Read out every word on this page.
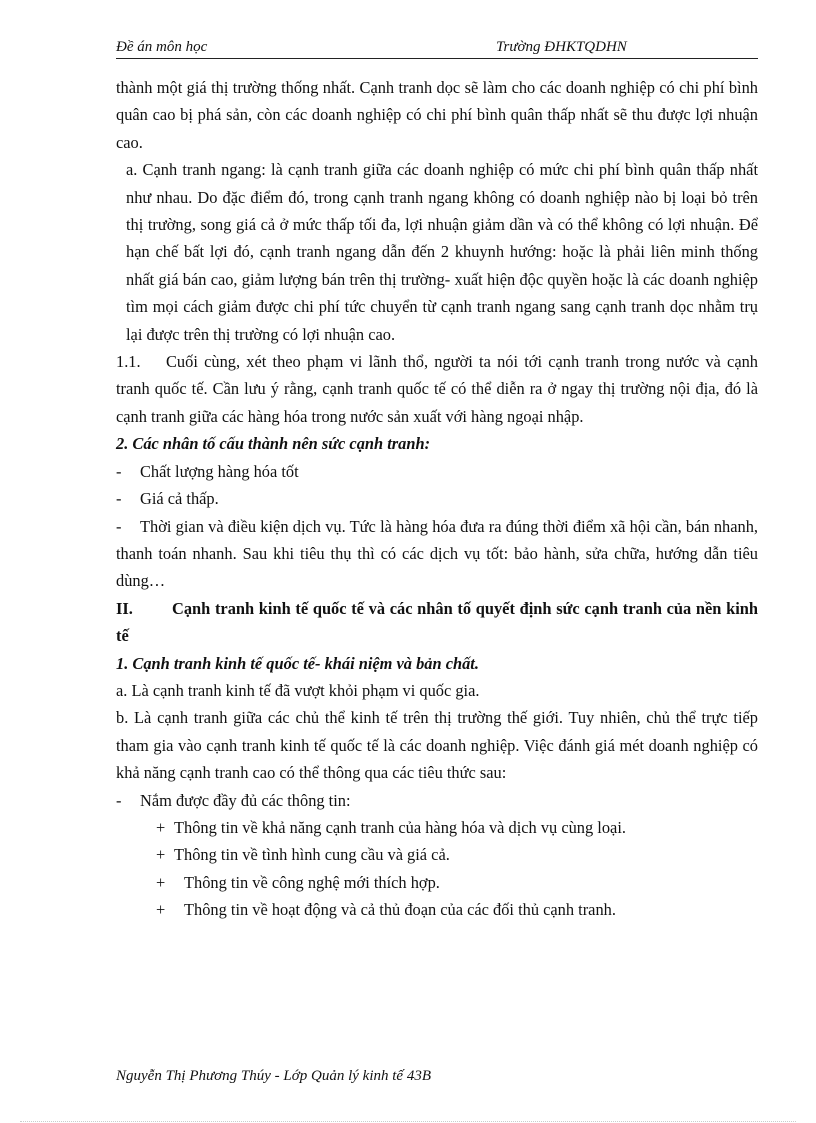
Đề án môn học	Trường ĐHKTQDHN

thành một giá thị trường thống nhất. Cạnh tranh dọc sẽ làm cho các doanh nghiệp có chi phí bình quân cao bị phá sản, còn các doanh nghiệp có chi phí bình quân thấp nhất sẽ thu được lợi nhuận cao.

a. Cạnh tranh ngang: là cạnh tranh giữa các doanh nghiệp có mức chi phí bình quân thấp nhất như nhau. Do đặc điểm đó, trong cạnh tranh ngang không có doanh nghiệp nào bị loại bỏ trên thị trường, song giá cả ở mức thấp tối đa, lợi nhuận giảm dần và có thể không có lợi nhuận. Để hạn chế bất lợi đó, cạnh tranh ngang dẫn đến 2 khuynh hướng: hoặc là phải liên minh thống nhất giá bán cao, giảm lượng bán trên thị trường- xuất hiện độc quyền hoặc là các doanh nghiệp tìm mọi cách giảm được chi phí tức chuyển từ cạnh tranh ngang sang cạnh tranh dọc nhằm trụ lại được trên thị trường có lợi nhuận cao.

1.1. Cuối cùng, xét theo phạm vi lãnh thổ, người ta nói tới cạnh tranh trong nước và cạnh tranh quốc tế. Cần lưu ý rằng, cạnh tranh quốc tế có thể diễn ra ở ngay thị trường nội địa, đó là cạnh tranh giữa các hàng hóa trong nước sản xuất với hàng ngoại nhập.

2. Các nhân tố cấu thành nên sức cạnh tranh:

- Chất lượng hàng hóa tốt

- Giá cả thấp.

- Thời gian và điều kiện dịch vụ. Tức là hàng hóa đưa ra đúng thời điểm xã hội cần, bán nhanh, thanh toán nhanh. Sau khi tiêu thụ thì có các dịch vụ tốt: bảo hành, sửa chữa, hướng dẫn tiêu dùng…

II. Cạnh tranh kinh tế quốc tế và các nhân tố quyết định sức cạnh tranh của nền kinh tế

1. Cạnh tranh kinh tế quốc tế- khái niệm và bản chất.

a. Là cạnh tranh kinh tế đã vượt khỏi phạm vi quốc gia.

b. Là cạnh tranh giữa các chủ thể kinh tế trên thị trường thế giới. Tuy nhiên, chủ thể trực tiếp tham gia vào cạnh tranh kinh tế quốc tế là các doanh nghiệp. Việc đánh giá mét doanh nghiệp có khả năng cạnh tranh cao có thể thông qua các tiêu thức sau:

- Nắm được đầy đủ các thông tin:

+ Thông tin về khả năng cạnh tranh của hàng hóa và dịch vụ cùng loại.

+ Thông tin về tình hình cung cầu và giá cả.

+ Thông tin về công nghệ mới thích hợp.

+ Thông tin về hoạt động và cả thủ đoạn của các đối thủ cạnh tranh.

Nguyễn Thị Phương Thúy - Lớp Quản lý kinh tế 43B
